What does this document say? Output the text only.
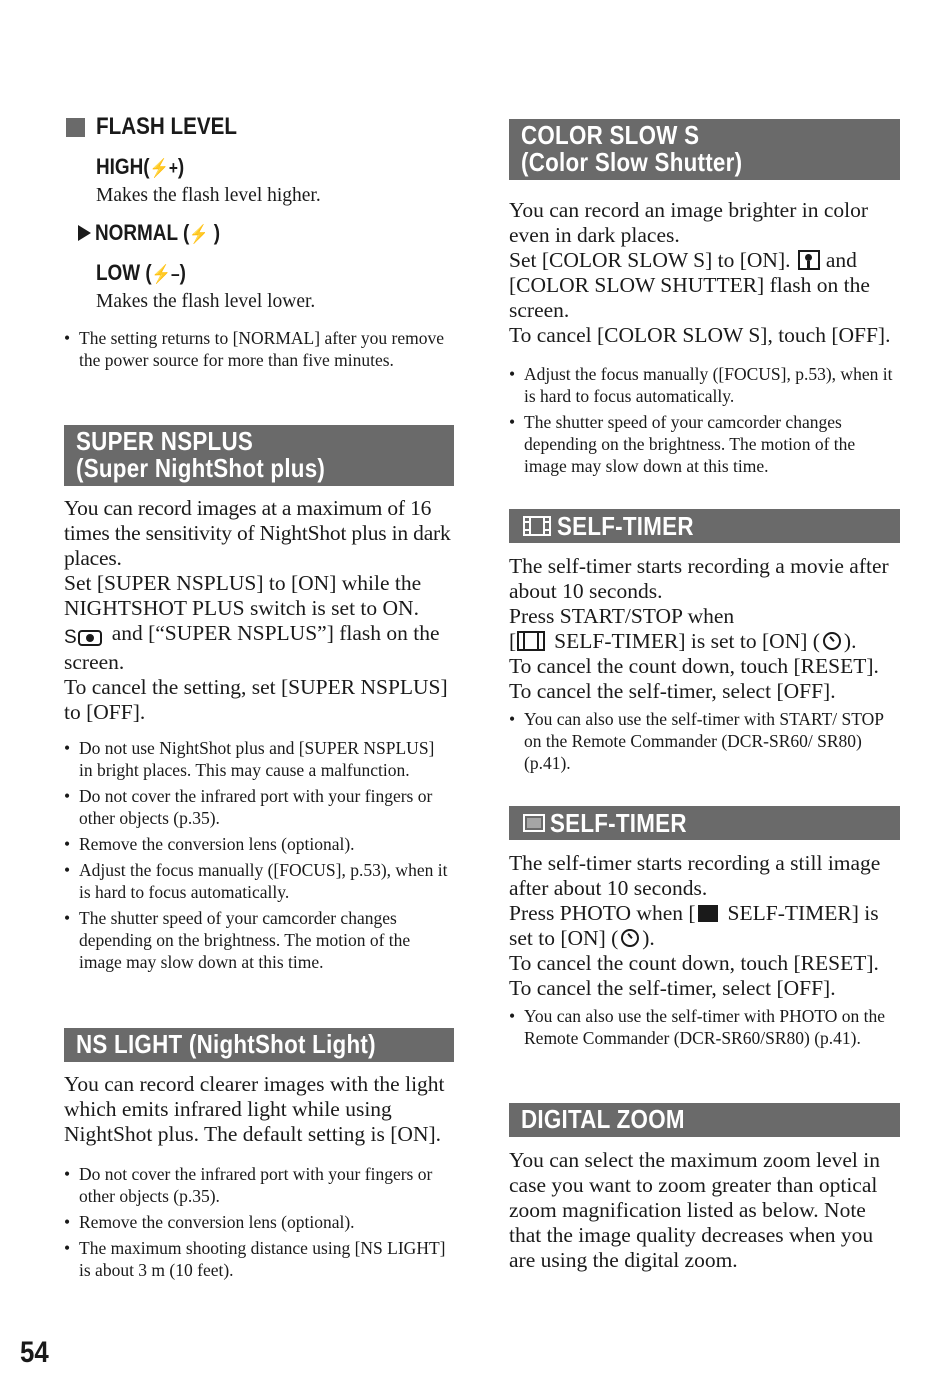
FLASH LEVEL
HIGH(⚡+)
Makes the flash level higher.
NORMAL (⚡ )
LOW (⚡–)
Makes the flash level lower.
• The setting returns to [NORMAL] after you remove the power source for more than five minutes.
SUPER NSPLUS
(Super NightShot plus)

You can record images at a maximum of 16 times the sensitivity of NightShot plus in dark places.

Set [SUPER NSPLUS] to [ON] while the NIGHTSHOT PLUS switch is set to ON.

S and [“SUPER NSPLUS”] flash on the screen.

To cancel the setting, set [SUPER NSPLUS] to [OFF].

• Do not use NightShot plus and [SUPER NSPLUS] in bright places. This may cause a malfunction.
• Do not cover the infrared port with your fingers or other objects (p.35).
• Remove the conversion lens (optional).
• Adjust the focus manually ([FOCUS], p.53), when it is hard to focus automatically.
• The shutter speed of your camcorder changes depending on the brightness. The motion of the image may slow down at this time.
NS LIGHT (NightShot Light)

You can record clearer images with the light which emits infrared light while using NightShot plus. The default setting is [ON].

• Do not cover the infrared port with your fingers or other objects (p.35).
• Remove the conversion lens (optional).
• The maximum shooting distance using [NS LIGHT] is about 3 m (10 feet).
COLOR SLOW S
(Color Slow Shutter)

You can record an image brighter in color even in dark places.

Set [COLOR SLOW S] to [ON]. and [COLOR SLOW SHUTTER] flash on the screen.

To cancel [COLOR SLOW S], touch [OFF].

• Adjust the focus manually ([FOCUS], p.53), when it is hard to focus automatically.
• The shutter speed of your camcorder changes depending on the brightness. The motion of the image may slow down at this time.
SELF-TIMER

The self-timer starts recording a movie after about 10 seconds.

Press START/STOP when

[ SELF-TIMER] is set to [ON] ( ).

To cancel the count down, touch [RESET].

To cancel the self-timer, select [OFF].

• You can also use the self-timer with START/ STOP on the Remote Commander (DCR-SR60/ SR80) (p.41).
SELF-TIMER

The self-timer starts recording a still image after about 10 seconds.

Press PHOTO when [ SELF-TIMER] is set to [ON] ( ).

To cancel the count down, touch [RESET].

To cancel the self-timer, select [OFF].

• You can also use the self-timer with PHOTO on the Remote Commander (DCR-SR60/SR80) (p.41).
DIGITAL ZOOM

You can select the maximum zoom level in case you want to zoom greater than optical zoom magnification listed as below. Note that the image quality decreases when you are using the digital zoom.

54
